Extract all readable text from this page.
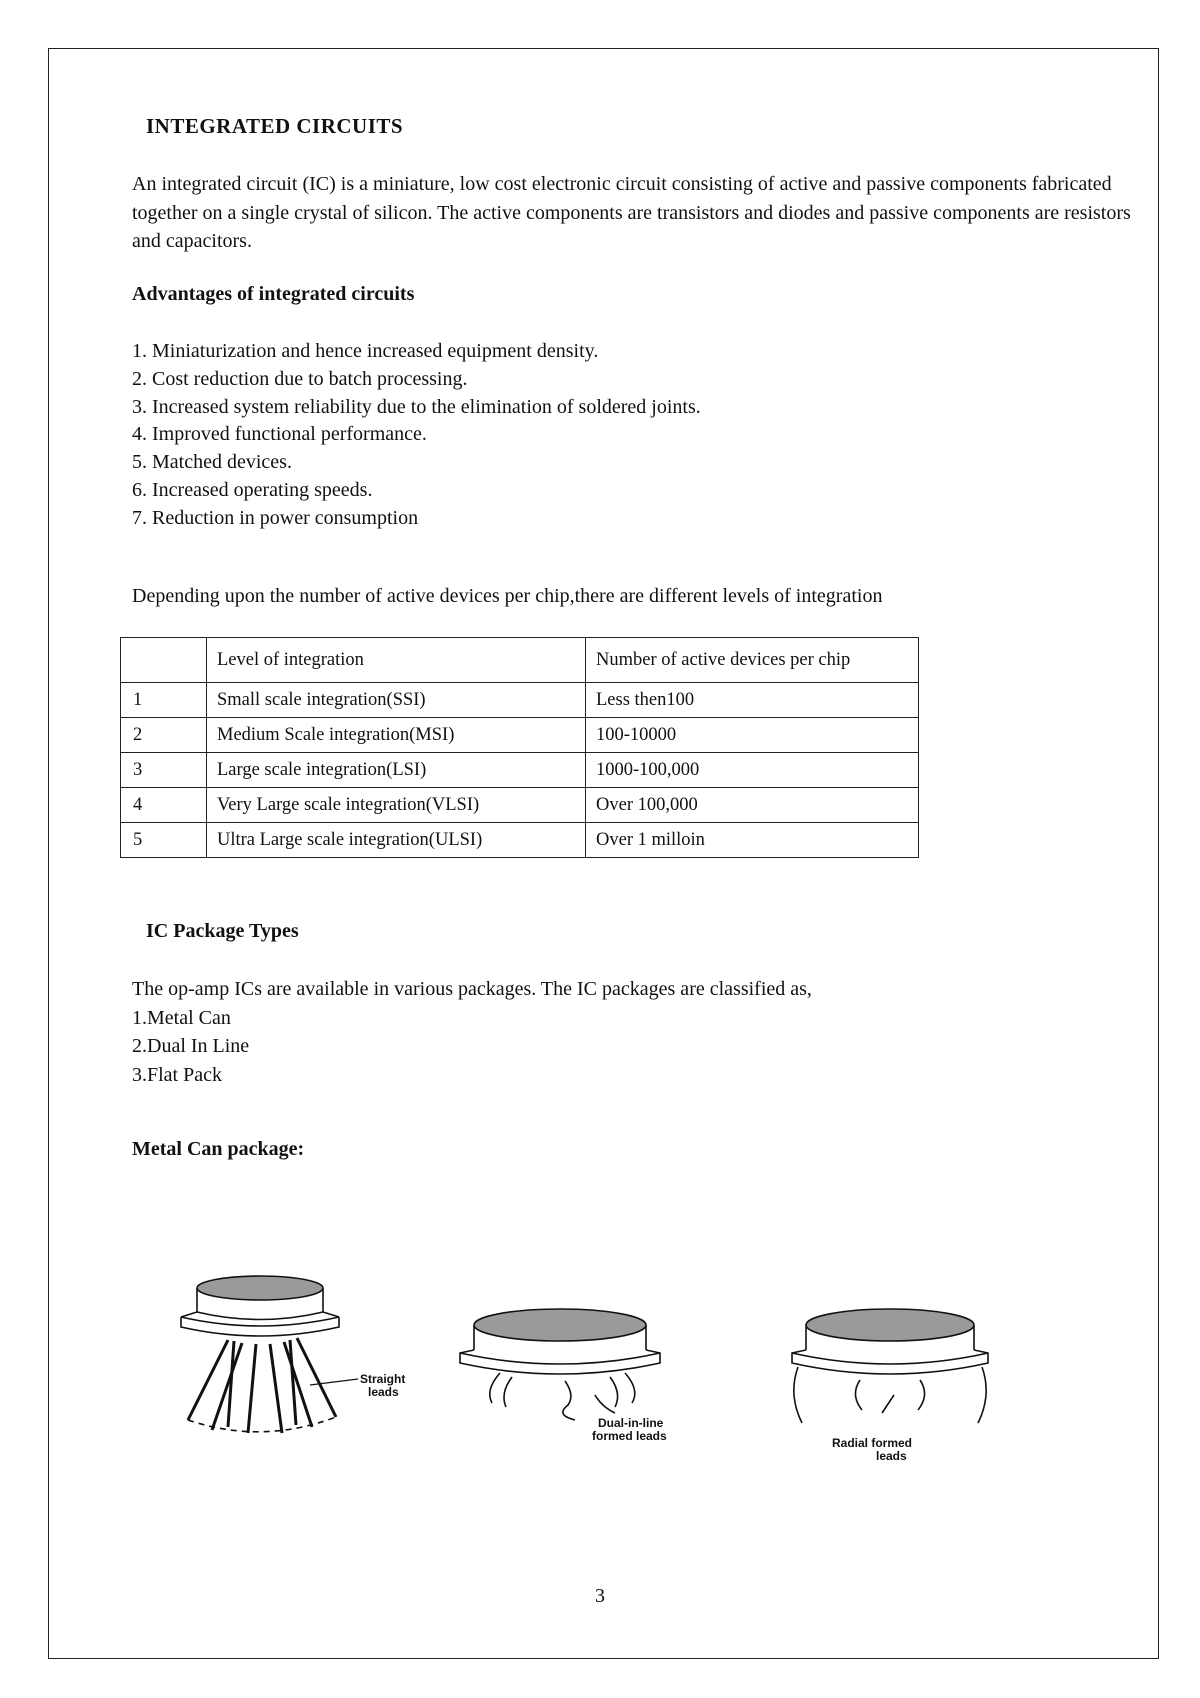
INTEGRATED CIRCUITS
An integrated circuit (IC) is a miniature, low cost electronic circuit consisting of active and passive components fabricated together on a single crystal of silicon. The active components are transistors and diodes and passive components are resistors and capacitors.
Advantages of integrated circuits
1. Miniaturization and hence increased equipment density.
2. Cost reduction due to batch processing.
3. Increased system reliability due to the elimination of soldered joints.
4. Improved functional performance.
5. Matched devices.
6. Increased operating speeds.
7. Reduction in power consumption
Depending upon the number of active devices per chip,there are different levels of integration
	Level of integration	Number of active devices per chip
1	Small scale integration(SSI)	Less then100
2	Medium Scale integration(MSI)	100-10000
3	Large scale integration(LSI)	1000-100,000
4	Very Large scale integration(VLSI)	Over 100,000
5	Ultra Large scale integration(ULSI)	Over 1 milloin
IC Package Types
The op-amp ICs are available in various packages. The IC packages are classified as,
1.Metal Can
2.Dual In Line
3.Flat Pack
Metal Can package:
Straight
leads
Dual-in-line
formed leads	Radial formed
leads
3
